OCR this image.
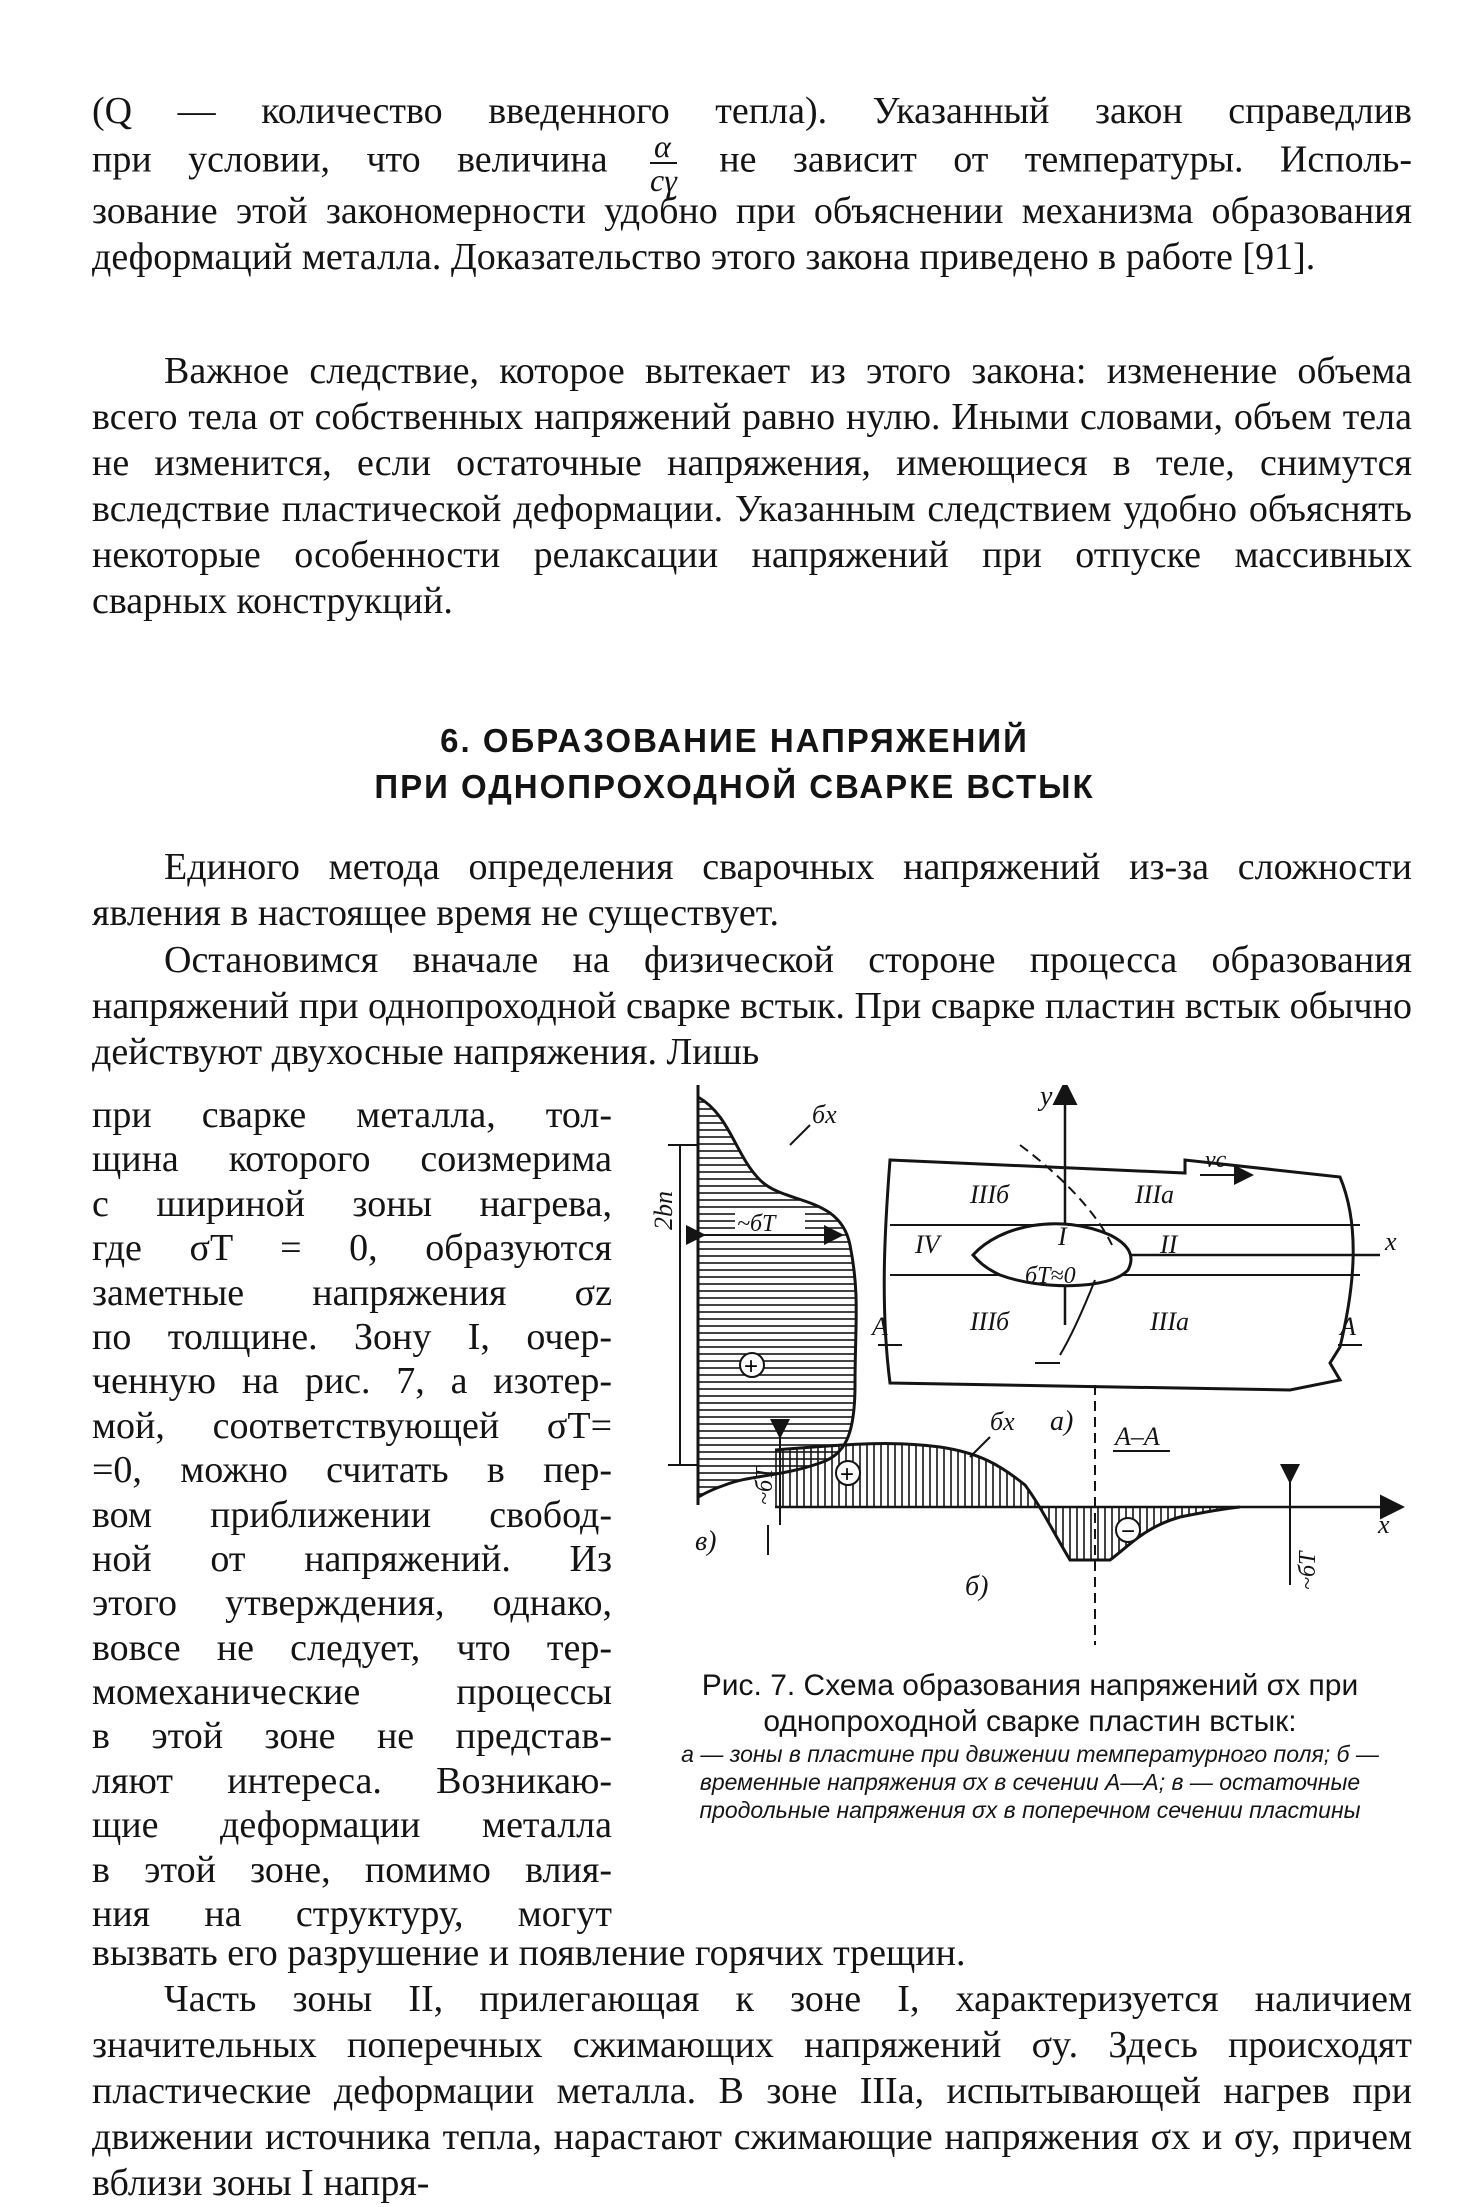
(Q — количество введенного тепла). Указанный закон справедлив

при условии, что величина $\frac{\alpha}{c\gamma}$ не зависит от температуры. Исполь-

зование этой закономерности удобно при объяснении механизма образования деформаций металла. Доказательство этого закона приведено в работе [91].

Важное следствие, которое вытекает из этого закона: изменение объема всего тела от собственных напряжений равно нулю. Иными словами, объем тела не изменится, если остаточные напряжения, имеющиеся в теле, снимутся вследствие пластической деформации. Указанным следствием удобно объяснять некоторые особенности релаксации напряжений при отпуске массивных сварных конструкций.

6. ОБРАЗОВАНИЕ НАПРЯЖЕНИЙ
ПРИ ОДНОПРОХОДНОЙ СВАРКЕ ВСТЫК

Единого метода определения сварочных напряжений из-за сложности явления в настоящее время не существует.

Остановимся вначале на физической стороне процесса образования напряжений при однопроходной сварке встык. При сварке пластин встык обычно действуют двухосные напряжения. Лишь

при сварке металла, тол-
щина которого соизмерима
с шириной зоны нагрева,
где σT = 0, образуются
заметные напряжения σz
по толщине. Зону I, очер-
ченную на рис. 7, а изотер-
мой, соответствующей σT=
=0, можно считать в пер-
вом приближении свобод-
ной от напряжений. Из
этого утверждения, однако,
вовсе не следует, что тер-
момеханические процессы
в этой зоне не представ-
ляют интереса. Возникаю-
щие деформации металла
в этой зоне, помимо влия-
ния на структуру, могут
бx
2bп ~бT
+
в)
y
x
vc
IIIб	IIIa
IV	I	II
бT≈0
IIIб	IIIa
A	A
а) A–A
x
~бT
~бT
бx
+
−
б)
Рис. 7. Схема образования напряжений σx при однопроходной сварке пластин встык:
а — зоны в пластине при движении температурного поля; б — временные напряжения σx в сечении А—А; в — остаточные продольные напряжения σx в поперечном сечении пластины

вызвать его разрушение и появление горячих трещин.

Часть зоны II, прилегающая к зоне I, характеризуется наличием значительных поперечных сжимающих напряжений σy. Здесь происходят пластические деформации металла. В зоне IIIa, испытывающей нагрев при движении источника тепла, нарастают сжимающие напряжения σx и σy, причем вблизи зоны I напря-
